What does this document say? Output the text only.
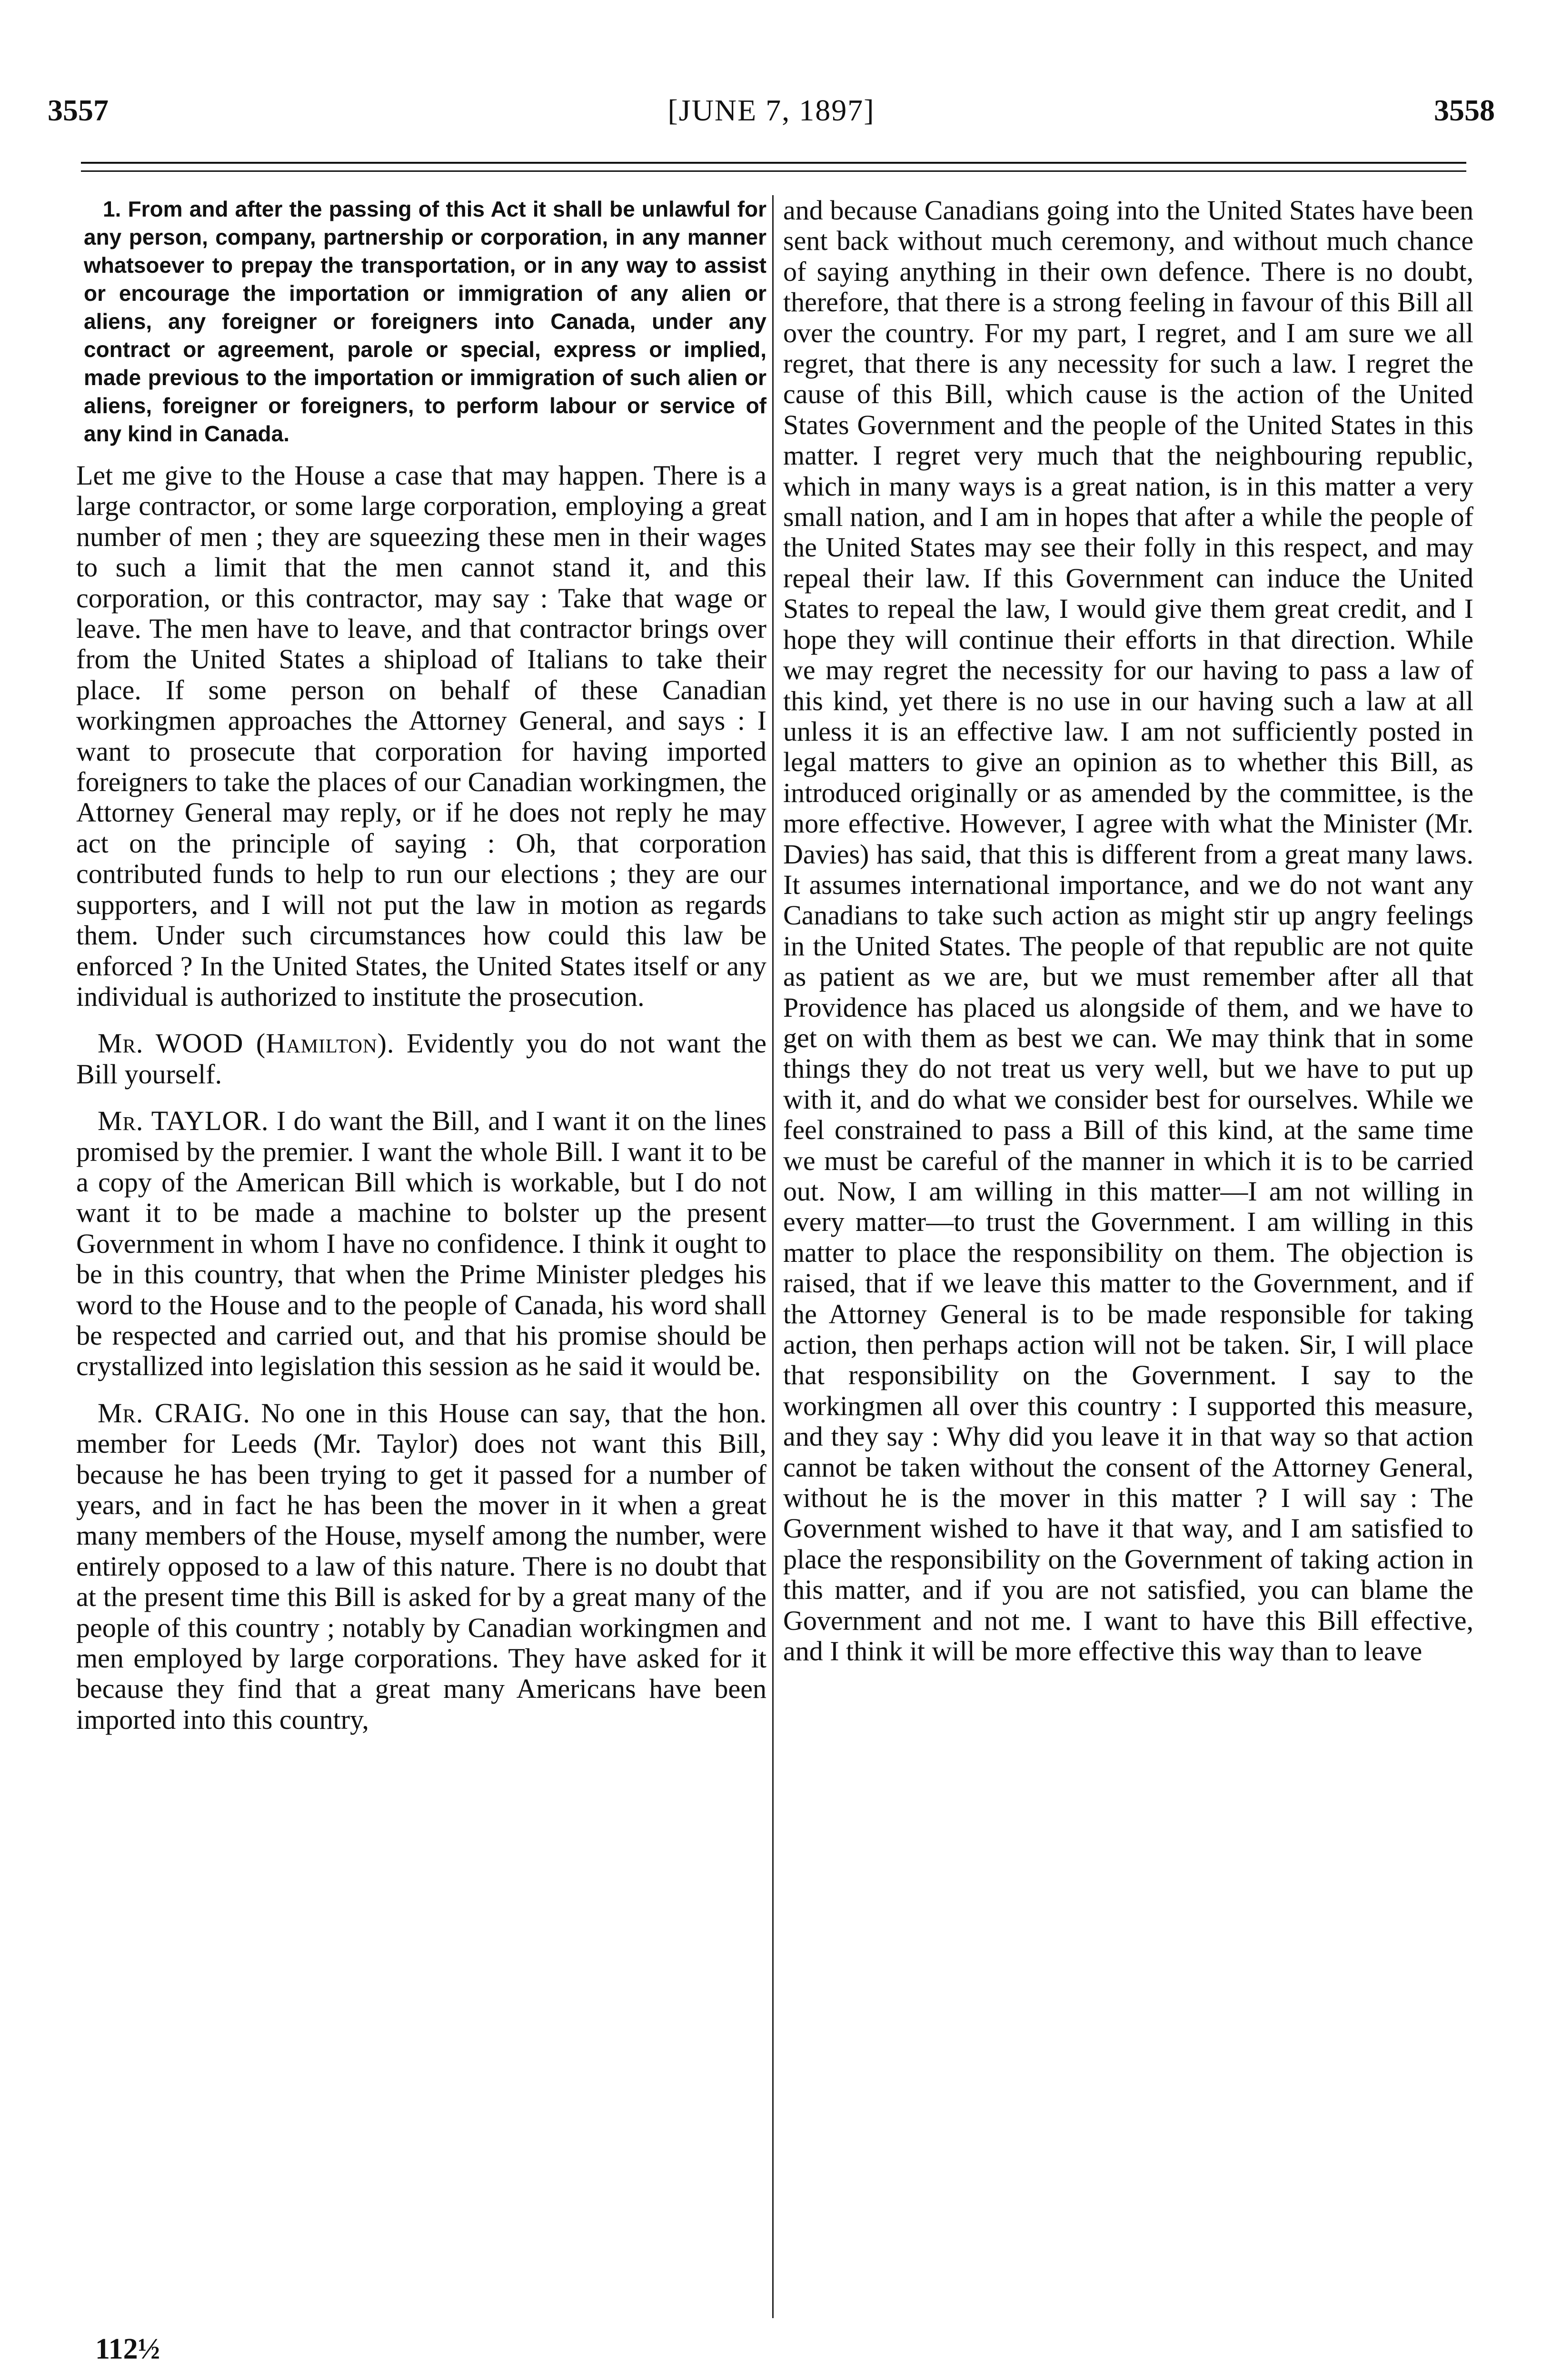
3557	[JUNE 7, 1897]	3558
1. From and after the passing of this Act it shall be unlawful for any person, company, partnership or corporation, in any manner whatsoever to prepay the transportation, or in any way to assist or encourage the importation or immigration of any alien or aliens, any foreigner or foreigners into Canada, under any contract or agreement, parole or special, express or implied, made previous to the importation or immigration of such alien or aliens, foreigner or foreigners, to perform labour or service of any kind in Canada.

Let me give to the House a case that may happen. There is a large contractor, or some large corporation, employing a great number of men ; they are squeezing these men in their wages to such a limit that the men cannot stand it, and this corporation, or this contractor, may say : Take that wage or leave. The men have to leave, and that contractor brings over from the United States a shipload of Italians to take their place. If some person on behalf of these Canadian workingmen approaches the Attorney General, and says : I want to prosecute that corporation for having imported foreigners to take the places of our Canadian workingmen, the Attorney General may reply, or if he does not reply he may act on the principle of saying : Oh, that corporation contributed funds to help to run our elections ; they are our supporters, and I will not put the law in motion as regards them. Under such circumstances how could this law be enforced ? In the United States, the United States itself or any individual is authorized to institute the prosecution.

Mr. WOOD (Hamilton). Evidently you do not want the Bill yourself.

Mr. TAYLOR. I do want the Bill, and I want it on the lines promised by the premier. I want the whole Bill. I want it to be a copy of the American Bill which is workable, but I do not want it to be made a machine to bolster up the present Government in whom I have no confidence. I think it ought to be in this country, that when the Prime Minister pledges his word to the House and to the people of Canada, his word shall be respected and carried out, and that his promise should be crystallized into legislation this session as he said it would be.

Mr. CRAIG. No one in this House can say, that the hon. member for Leeds (Mr. Taylor) does not want this Bill, because he has been trying to get it passed for a number of years, and in fact he has been the mover in it when a great many members of the House, myself among the number, were entirely opposed to a law of this nature. There is no doubt that at the present time this Bill is asked for by a great many of the people of this country ; notably by Canadian workingmen and men employed by large corporations. They have asked for it because they find that a great many Americans have been imported into this country,

and because Canadians going into the United States have been sent back without much ceremony, and without much chance of saying anything in their own defence. There is no doubt, therefore, that there is a strong feeling in favour of this Bill all over the country. For my part, I regret, and I am sure we all regret, that there is any necessity for such a law. I regret the cause of this Bill, which cause is the action of the United States Government and the people of the United States in this matter. I regret very much that the neighbouring republic, which in many ways is a great nation, is in this matter a very small nation, and I am in hopes that after a while the people of the United States may see their folly in this respect, and may repeal their law. If this Government can induce the United States to repeal the law, I would give them great credit, and I hope they will continue their efforts in that direction. While we may regret the necessity for our having to pass a law of this kind, yet there is no use in our having such a law at all unless it is an effective law. I am not sufficiently posted in legal matters to give an opinion as to whether this Bill, as introduced originally or as amended by the committee, is the more effective. However, I agree with what the Minister (Mr. Davies) has said, that this is different from a great many laws. It assumes international importance, and we do not want any Canadians to take such action as might stir up angry feelings in the United States. The people of that republic are not quite as patient as we are, but we must remember after all that Providence has placed us alongside of them, and we have to get on with them as best we can. We may think that in some things they do not treat us very well, but we have to put up with it, and do what we consider best for ourselves. While we feel constrained to pass a Bill of this kind, at the same time we must be careful of the manner in which it is to be carried out. Now, I am willing in this matter—I am not willing in every matter—to trust the Government. I am willing in this matter to place the responsibility on them. The objection is raised, that if we leave this matter to the Government, and if the Attorney General is to be made responsible for taking action, then perhaps action will not be taken. Sir, I will place that responsibility on the Government. I say to the workingmen all over this country : I supported this measure, and they say : Why did you leave it in that way so that action cannot be taken without the consent of the Attorney General, without he is the mover in this matter ? I will say : The Government wished to have it that way, and I am satisfied to place the responsibility on the Government of taking action in this matter, and if you are not satisfied, you can blame the Government and not me. I want to have this Bill effective, and I think it will be more effective this way than to leave

112½
